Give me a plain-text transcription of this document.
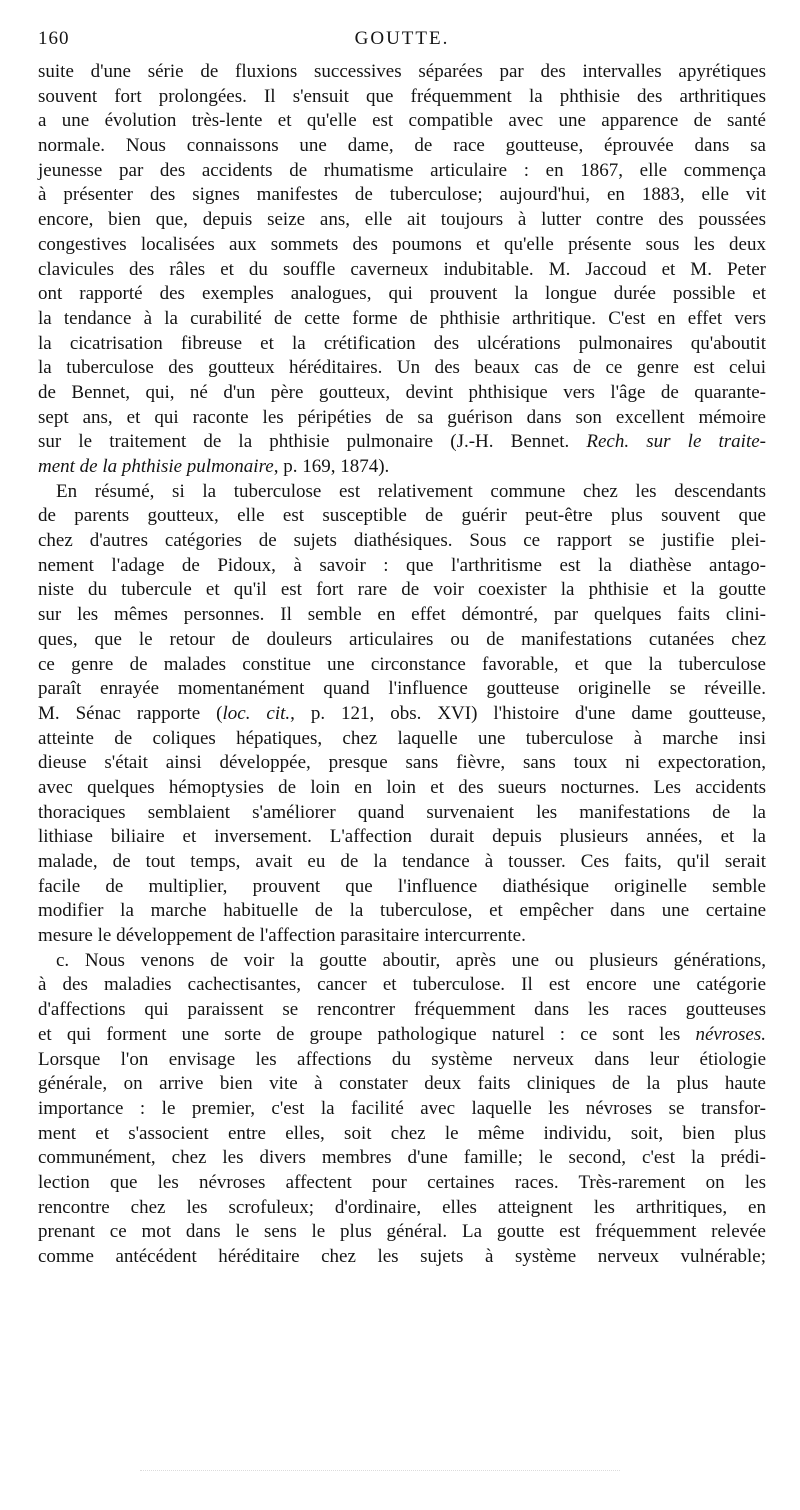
160	GOUTTE.
suite d'une série de fluxions successives séparées par des intervalles apyrétiques
souvent fort prolongées. Il s'ensuit que fréquemment la phthisie des arthritiques
a une évolution très-lente et qu'elle est compatible avec une apparence de santé
normale. Nous connaissons une dame, de race goutteuse, éprouvée dans sa
jeunesse par des accidents de rhumatisme articulaire : en 1867, elle commença
à présenter des signes manifestes de tuberculose; aujourd'hui, en 1883, elle vit
encore, bien que, depuis seize ans, elle ait toujours à lutter contre des poussées
congestives localisées aux sommets des poumons et qu'elle présente sous les deux
clavicules des râles et du souffle caverneux indubitable. M. Jaccoud et M. Peter
ont rapporté des exemples analogues, qui prouvent la longue durée possible et
la tendance à la curabilité de cette forme de phthisie arthritique. C'est en effet vers
la cicatrisation fibreuse et la crétification des ulcérations pulmonaires qu'aboutit
la tuberculose des goutteux héréditaires. Un des beaux cas de ce genre est celui
de Bennet, qui, né d'un père goutteux, devint phthisique vers l'âge de quarante-
sept ans, et qui raconte les péripéties de sa guérison dans son excellent mémoire
sur le traitement de la phthisie pulmonaire (J.-H. Bennet. Rech. sur le traite-
ment de la phthisie pulmonaire, p. 169, 1874).
En résumé, si la tuberculose est relativement commune chez les descendants
de parents goutteux, elle est susceptible de guérir peut-être plus souvent que
chez d'autres catégories de sujets diathésiques. Sous ce rapport se justifie plei-
nement l'adage de Pidoux, à savoir : que l'arthritisme est la diathèse antago-
niste du tubercule et qu'il est fort rare de voir coexister la phthisie et la goutte
sur les mêmes personnes. Il semble en effet démontré, par quelques faits clini-
ques, que le retour de douleurs articulaires ou de manifestations cutanées chez
ce genre de malades constitue une circonstance favorable, et que la tuberculose
paraît enrayée momentanément quand l'influence goutteuse originelle se réveille.
M. Sénac rapporte (loc. cit., p. 121, obs. XVI) l'histoire d'une dame goutteuse,
atteinte de coliques hépatiques, chez laquelle une tuberculose à marche insi
dieuse s'était ainsi développée, presque sans fièvre, sans toux ni expectoration,
avec quelques hémoptysies de loin en loin et des sueurs nocturnes. Les accidents
thoraciques semblaient s'améliorer quand survenaient les manifestations de la
lithiase biliaire et inversement. L'affection durait depuis plusieurs années, et la
malade, de tout temps, avait eu de la tendance à tousser. Ces faits, qu'il serait
facile de multiplier, prouvent que l'influence diathésique originelle semble
modifier la marche habituelle de la tuberculose, et empêcher dans une certaine
mesure le développement de l'affection parasitaire intercurrente.
c. Nous venons de voir la goutte aboutir, après une ou plusieurs générations,
à des maladies cachectisantes, cancer et tuberculose. Il est encore une catégorie
d'affections qui paraissent se rencontrer fréquemment dans les races goutteuses
et qui forment une sorte de groupe pathologique naturel : ce sont les névroses.
Lorsque l'on envisage les affections du système nerveux dans leur étiologie
générale, on arrive bien vite à constater deux faits cliniques de la plus haute
importance : le premier, c'est la facilité avec laquelle les névroses se transfor-
ment et s'associent entre elles, soit chez le même individu, soit, bien plus
communément, chez les divers membres d'une famille; le second, c'est la prédi-
lection que les névroses affectent pour certaines races. Très-rarement on les
rencontre chez les scrofuleux; d'ordinaire, elles atteignent les arthritiques, en
prenant ce mot dans le sens le plus général. La goutte est fréquemment relevée
comme antécédent héréditaire chez les sujets à système nerveux vulnérable;
